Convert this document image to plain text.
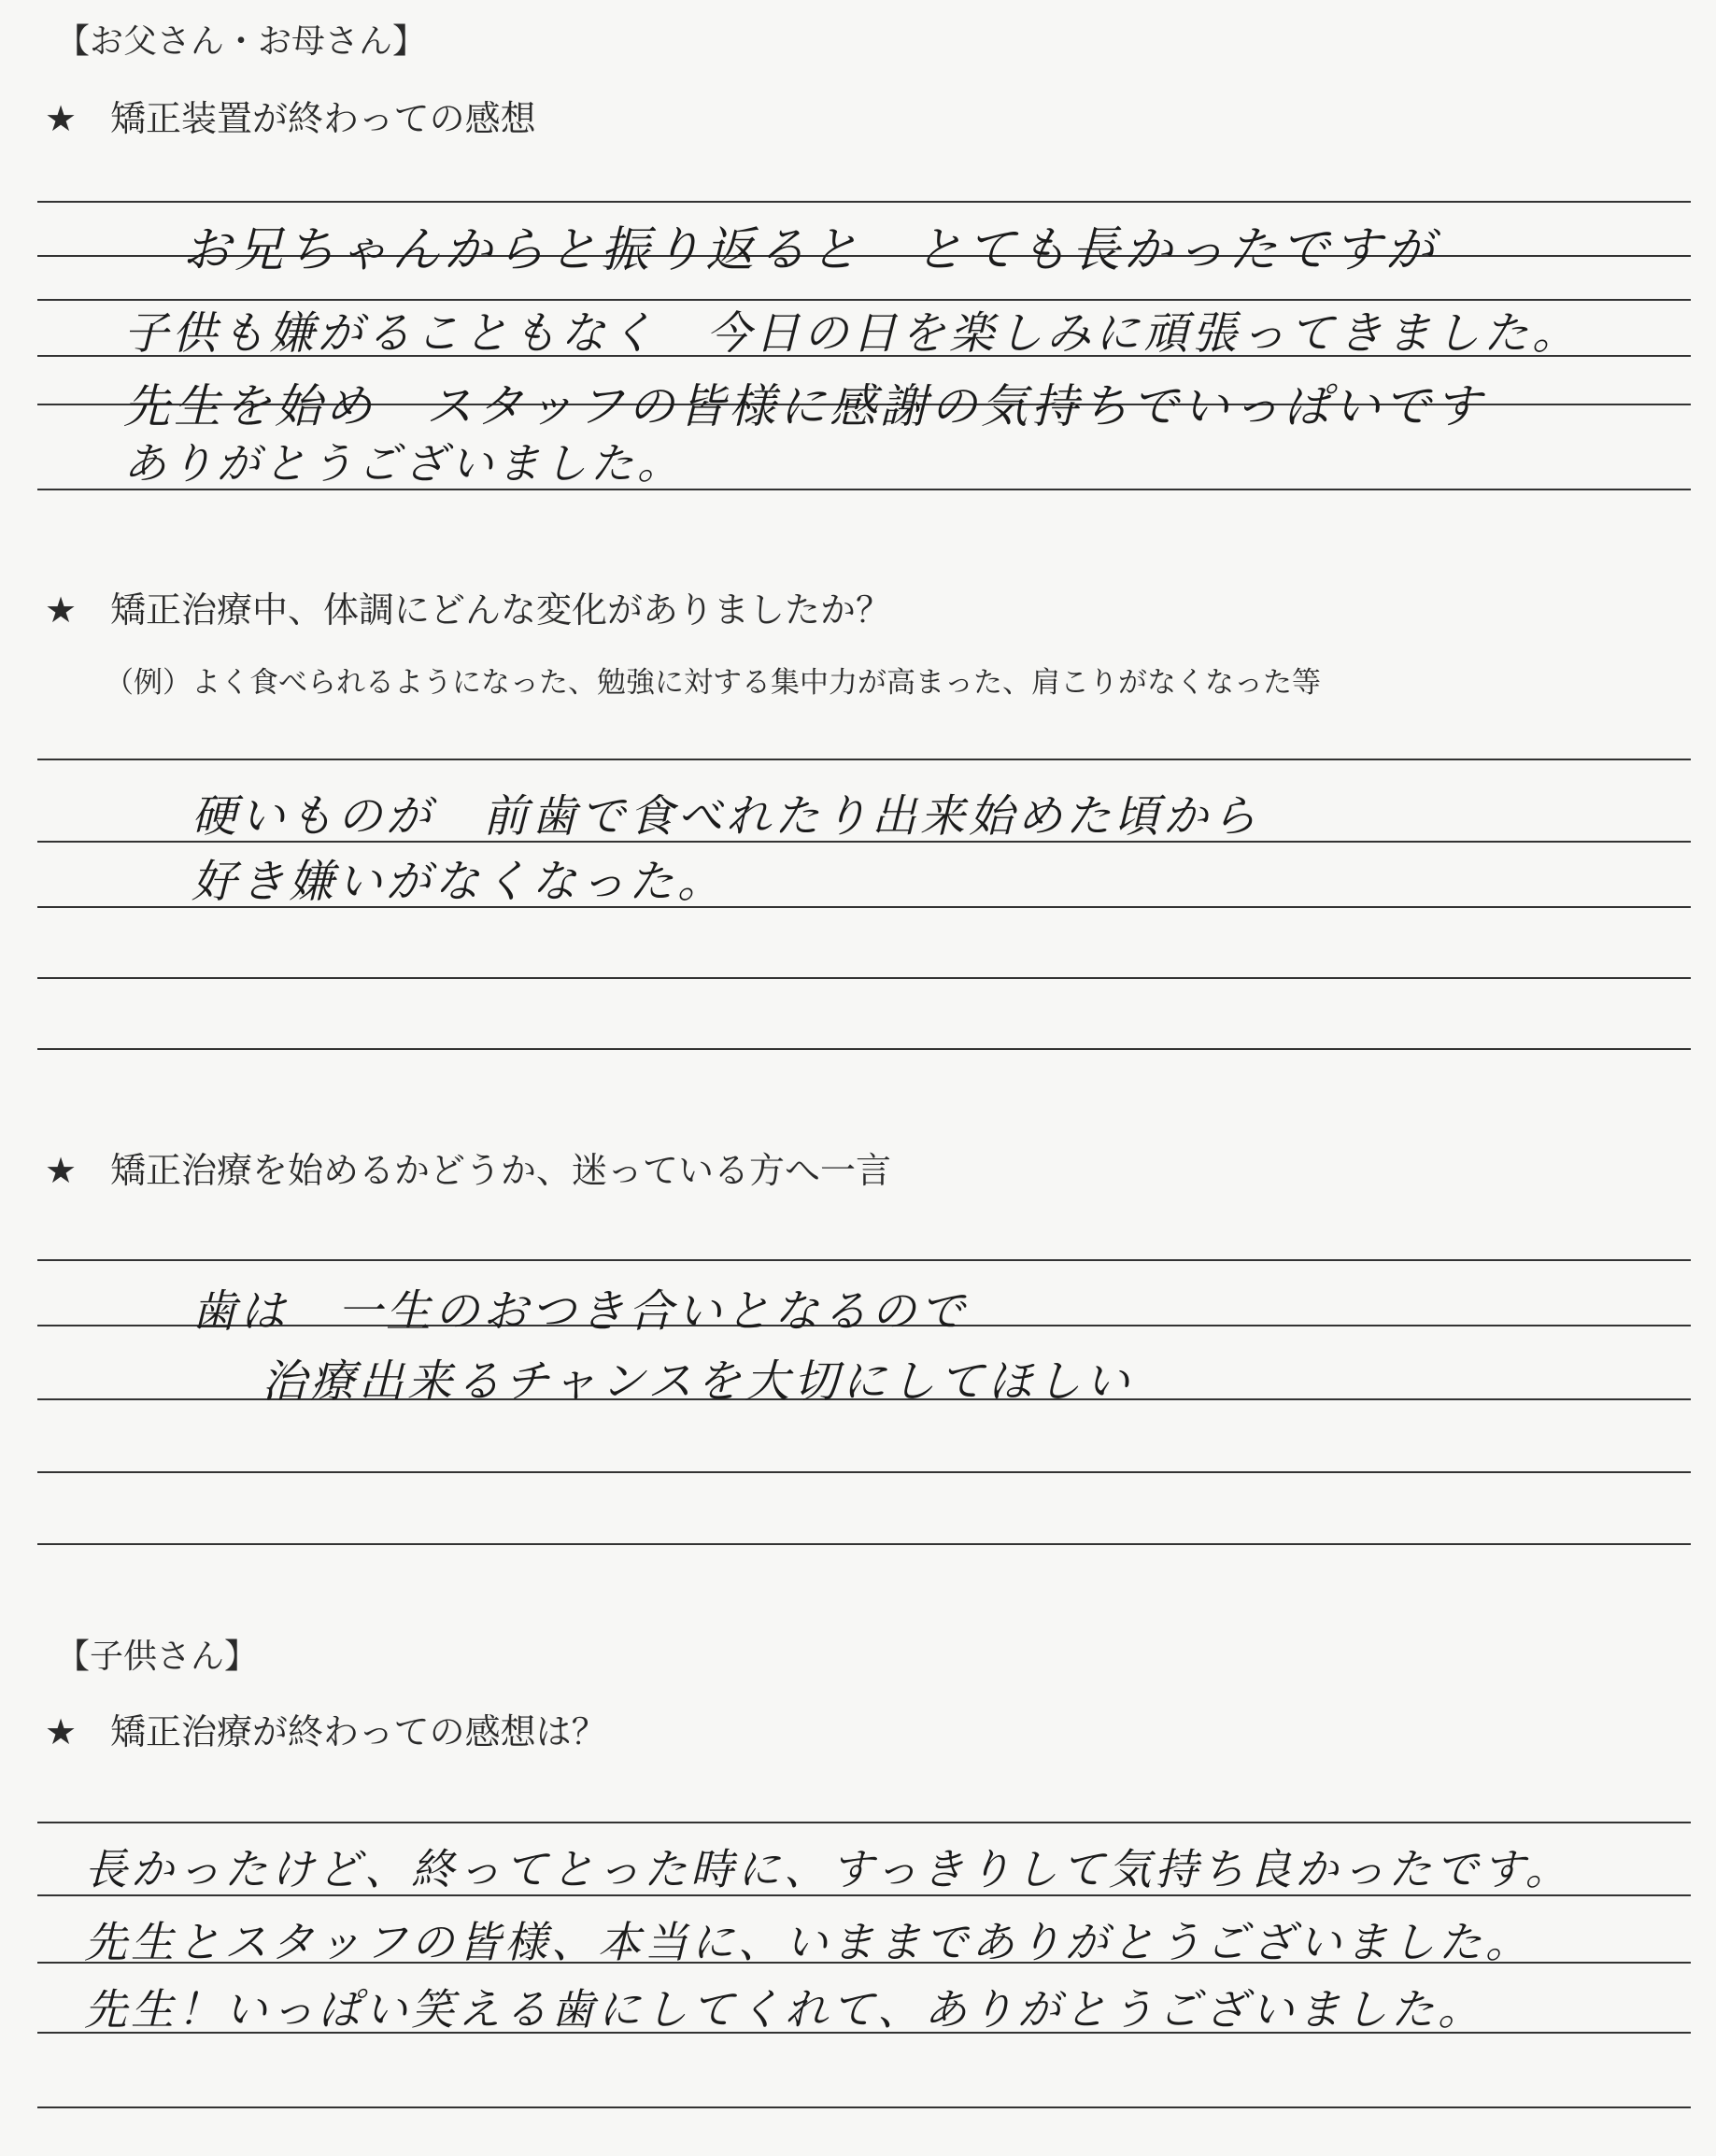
【お父さん・お母さん】
★ 矯正装置が終わっての感想
お兄ちゃんからと振り返ると　とても長かったですが
子供も嫌がることもなく　今日の日を楽しみに頑張ってきました。
先生を始め　スタッフの皆様に感謝の気持ちでいっぱいです
ありがとうございました。
★ 矯正治療中、体調にどんな変化がありましたか？
（例）よく食べられるようになった、勉強に対する集中力が高まった、肩こりがなくなった等
硬いものが　前歯で食べれたり出来始めた頃から
好き嫌いがなくなった。
★ 矯正治療を始めるかどうか、迷っている方へ一言
歯は　一生のおつき合いとなるので
治療出来るチャンスを大切にしてほしい
【子供さん】
★ 矯正治療が終わっての感想は？
長かったけど、終ってとった時に、すっきりして気持ち良かったです。
先生とスタッフの皆様、本当に、いままでありがとうございました。
先生！いっぱい笑える歯にしてくれて、ありがとうございました。
